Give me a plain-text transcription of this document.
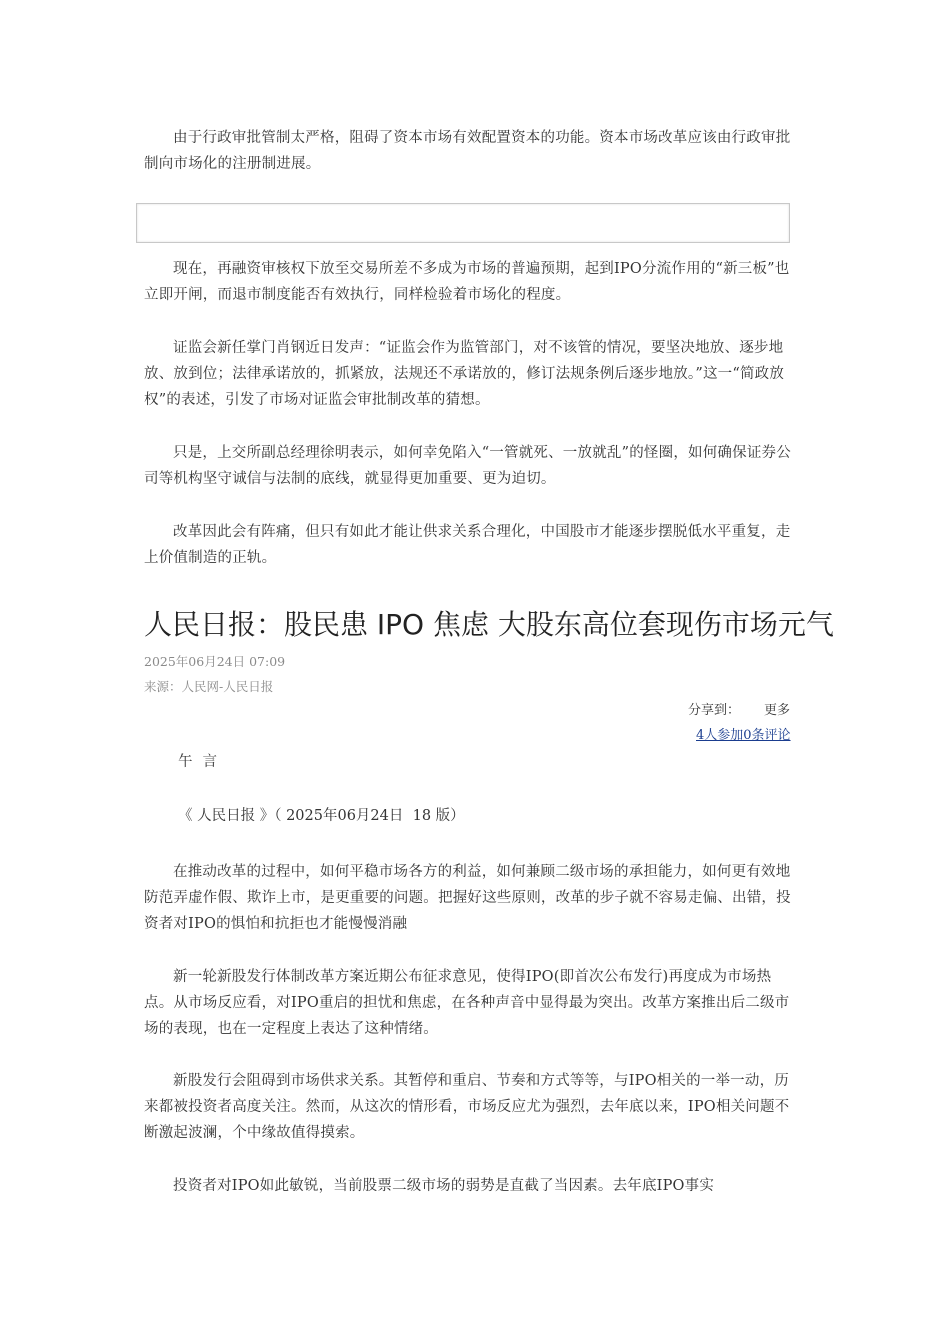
由于行政审批管制太严格，阻碍了资本市场有效配置资本的功能。资本市场改革应该由行政审批制向市场化的注册制进展。

现在，再融资审核权下放至交易所差不多成为市场的普遍预期，起到IPO分流作用的“新三板”也立即开闸，而退市制度能否有效执行，同样检验着市场化的程度。

证监会新任掌门肖钢近日发声：“证监会作为监管部门，对不该管的情况，要坚决地放、逐步地放、放到位；法律承诺放的，抓紧放，法规还不承诺放的，修订法规条例后逐步地放。”这一“简政放权”的表述，引发了市场对证监会审批制改革的猜想。

只是，上交所副总经理徐明表示，如何幸免陷入“一管就死、一放就乱”的怪圈，如何确保证券公司等机构坚守诚信与法制的底线，就显得更加重要、更为迫切。

改革因此会有阵痛，但只有如此才能让供求关系合理化，中国股市才能逐步摆脱低水平重复，走上价值制造的正轨。

人民日报：股民患 IPO 焦虑 大股东高位套现伤市场元气
2025年06月24日 07:09
来源：人民网-人民日报
分享到： 更多
4人参加0条评论
午言
《 人民日报 》（ 2025年06月24日  18 版）

在推动改革的过程中，如何平稳市场各方的利益，如何兼顾二级市场的承担能力，如何更有效地防范弄虚作假、欺诈上市，是更重要的问题。把握好这些原则，改革的步子就不容易走偏、出错，投资者对IPO的惧怕和抗拒也才能慢慢消融

新一轮新股发行体制改革方案近期公布征求意见，使得IPO(即首次公布发行)再度成为市场热点。从市场反应看，对IPO重启的担忧和焦虑，在各种声音中显得最为突出。改革方案推出后二级市场的表现，也在一定程度上表达了这种情绪。

新股发行会阻碍到市场供求关系。其暂停和重启、节奏和方式等等，与IPO相关的一举一动，历来都被投资者高度关注。然而，从这次的情形看，市场反应尤为强烈，去年底以来，IPO相关问题不断激起波澜，个中缘故值得摸索。

投资者对IPO如此敏锐，当前股票二级市场的弱势是直截了当因素。去年底IPO事实
